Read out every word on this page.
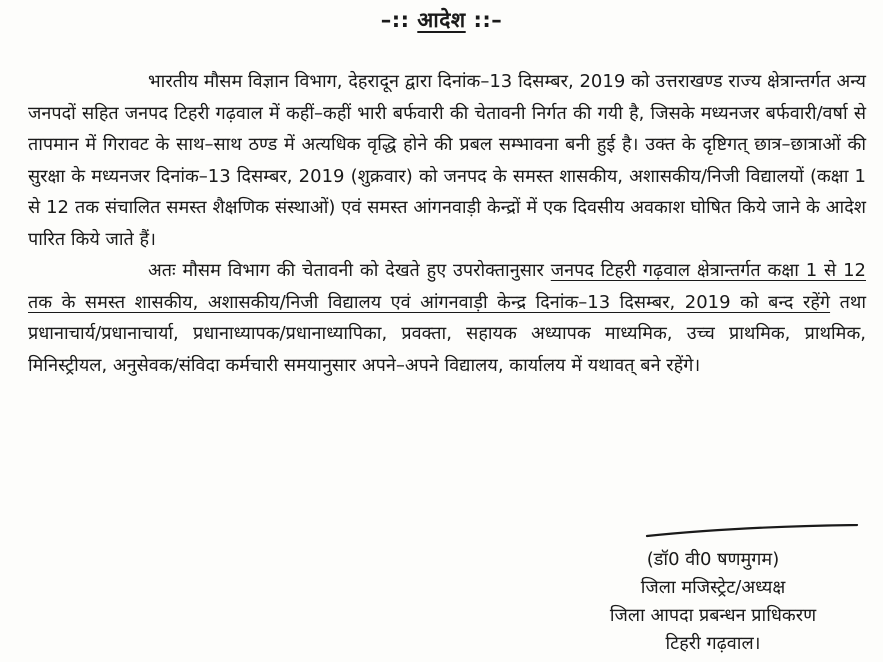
–:: आदेश ::–

भारतीय मौसम विज्ञान विभाग, देहरादून द्वारा दिनांक–13 दिसम्बर, 2019 को उत्तराखण्ड राज्य क्षेत्रान्तर्गत अन्य जनपदों सहित जनपद टिहरी गढ़वाल में कहीं–कहीं भारी बर्फवारी की चेतावनी निर्गत की गयी है, जिसके मध्यनजर बर्फवारी/वर्षा से तापमान में गिरावट के साथ–साथ ठण्ड में अत्यधिक वृद्धि होने की प्रबल सम्भावना बनी हुई है। उक्त के दृष्टिगत् छात्र–छात्राओं की सुरक्षा के मध्यनजर दिनांक–13 दिसम्बर, 2019 (शुक्रवार) को जनपद के समस्त शासकीय, अशासकीय/निजी विद्यालयों (कक्षा 1 से 12 तक संचालित समस्त शैक्षणिक संस्थाओं) एवं समस्त आंगनवाड़ी केन्द्रों में एक दिवसीय अवकाश घोषित किये जाने के आदेश पारित किये जाते हैं।

अतः मौसम विभाग की चेतावनी को देखते हुए उपरोक्तानुसार जनपद टिहरी गढ़वाल क्षेत्रान्तर्गत कक्षा 1 से 12 तक के समस्त शासकीय, अशासकीय/निजी विद्यालय एवं आंगनवाड़ी केन्द्र दिनांक–13 दिसम्बर, 2019 को बन्द रहेंगे तथा प्रधानाचार्य/प्रधानाचार्या, प्रधानाध्यापक/प्रधानाध्यापिका, प्रवक्ता, सहायक अध्यापक माध्यमिक, उच्च प्राथमिक, प्राथमिक, मिनिस्ट्रीयल, अनुसेवक/संविदा कर्मचारी समयानुसार अपने–अपने विद्यालय, कार्यालय में यथावत् बने रहेंगे।

(डॉ0 वी0 षणमुगम)
जिला मजिस्ट्रेट/अध्यक्ष
जिला आपदा प्रबन्धन प्राधिकरण
टिहरी गढ़वाल।
